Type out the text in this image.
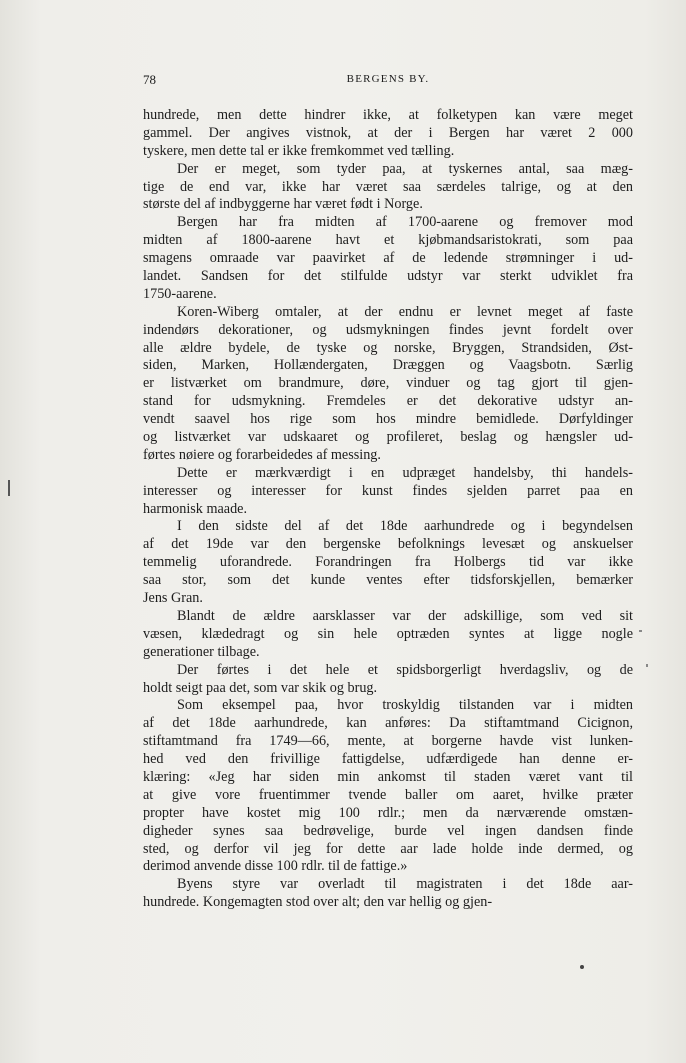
78	BERGENS BY.
hundrede, men dette hindrer ikke, at folketypen kan være meget
gammel. Der angives vistnok, at der i Bergen har været 2 000
tyskere, men dette tal er ikke fremkommet ved tælling.
Der er meget, som tyder paa, at tyskernes antal, saa mæg-
tige de end var, ikke har været saa særdeles talrige, og at den
største del af indbyggerne har været født i Norge.
Bergen har fra midten af 1700-aarene og fremover mod
midten af 1800-aarene havt et kjøbmandsaristokrati, som paa
smagens omraade var paavirket af de ledende strømninger i ud-
landet. Sandsen for det stilfulde udstyr var sterkt udviklet fra
1750-aarene.
Koren-Wiberg omtaler, at der endnu er levnet meget af faste
indendørs dekorationer, og udsmykningen findes jevnt fordelt over
alle ældre bydele, de tyske og norske, Bryggen, Strandsiden, Øst-
siden, Marken, Hollændergaten, Dræggen og Vaagsbotn. Særlig
er listværket om brandmure, døre, vinduer og tag gjort til gjen-
stand for udsmykning. Fremdeles er det dekorative udstyr an-
vendt saavel hos rige som hos mindre bemidlede. Dørfyldinger
og listværket var udskaaret og profileret, beslag og hængsler ud-
førtes nøiere og forarbeidedes af messing.
Dette er mærkværdigt i en udpræget handelsby, thi handels-
interesser og interesser for kunst findes sjelden parret paa en
harmonisk maade.
I den sidste del af det 18de aarhundrede og i begyndelsen
af det 19de var den bergenske befolknings levesæt og anskuelser
temmelig uforandrede. Forandringen fra Holbergs tid var ikke
saa stor, som det kunde ventes efter tidsforskjellen, bemærker
Jens Gran.
Blandt de ældre aarsklasser var der adskillige, som ved sit
væsen, klædedragt og sin hele optræden syntes at ligge nogle
generationer tilbage.
Der førtes i det hele et spidsborgerligt hverdagsliv, og de
holdt seigt paa det, som var skik og brug.
Som eksempel paa, hvor troskyldig tilstanden var i midten
af det 18de aarhundrede, kan anføres: Da stiftamtmand Cicignon,
stiftamtmand fra 1749—66, mente, at borgerne havde vist lunken-
hed ved den frivillige fattigdelse, udfærdigede han denne er-
klæring: «Jeg har siden min ankomst til staden været vant til
at give vore fruentimmer tvende baller om aaret, hvilke præter
propter have kostet mig 100 rdlr.; men da nærværende omstæn-
digheder synes saa bedrøvelige, burde vel ingen dandsen finde
sted, og derfor vil jeg for dette aar lade holde inde dermed, og
derimod anvende disse 100 rdlr. til de fattige.»
Byens styre var overladt til magistraten i det 18de aar-
hundrede. Kongemagten stod over alt; den var hellig og gjen-
